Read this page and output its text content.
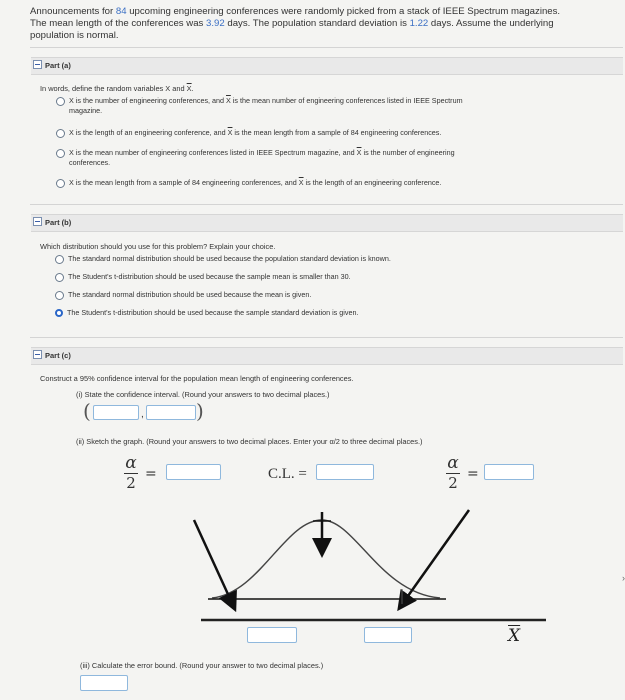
Announcements for 84 upcoming engineering conferences were randomly picked from a stack of IEEE Spectrum magazines.
The mean length of the conferences was 3.92 days. The population standard deviation is 1.22 days. Assume the underlying
population is normal.
Part (a)
In words, define the random variables X and $\overline{X}$.
X is the number of engineering conferences, and $\overline{X}$ is the mean number of engineering conferences listed in IEEE Spectrum
magazine.
X is the length of an engineering conference, and $\overline{X}$ is the mean length from a sample of 84 engineering conferences.
X is the mean number of engineering conferences listed in IEEE Spectrum magazine, and $\overline{X}$ is the number of engineering
conferences.
X is the mean length from a sample of 84 engineering conferences, and $\overline{X}$ is the length of an engineering conference.
Part (b)
Which distribution should you use for this problem? Explain your choice.
The standard normal distribution should be used because the population standard deviation is known.
The Student's t-distribution should be used because the sample mean is smaller than 30.
The standard normal distribution should be used because the mean is given.
The Student's t-distribution should be used because the sample standard deviation is given.
Part (c)
Construct a 95% confidence interval for the population mean length of engineering conferences.
(i) State the confidence interval. (Round your answers to two decimal places.)
(	,	)
(ii) Sketch the graph. (Round your answers to two decimal places. Enter your α/2 to three decimal places.)
α
2 =	C.L. =
α
2 =
$\overline{X}$
(iii) Calculate the error bound. (Round your answer to two decimal places.)
›
